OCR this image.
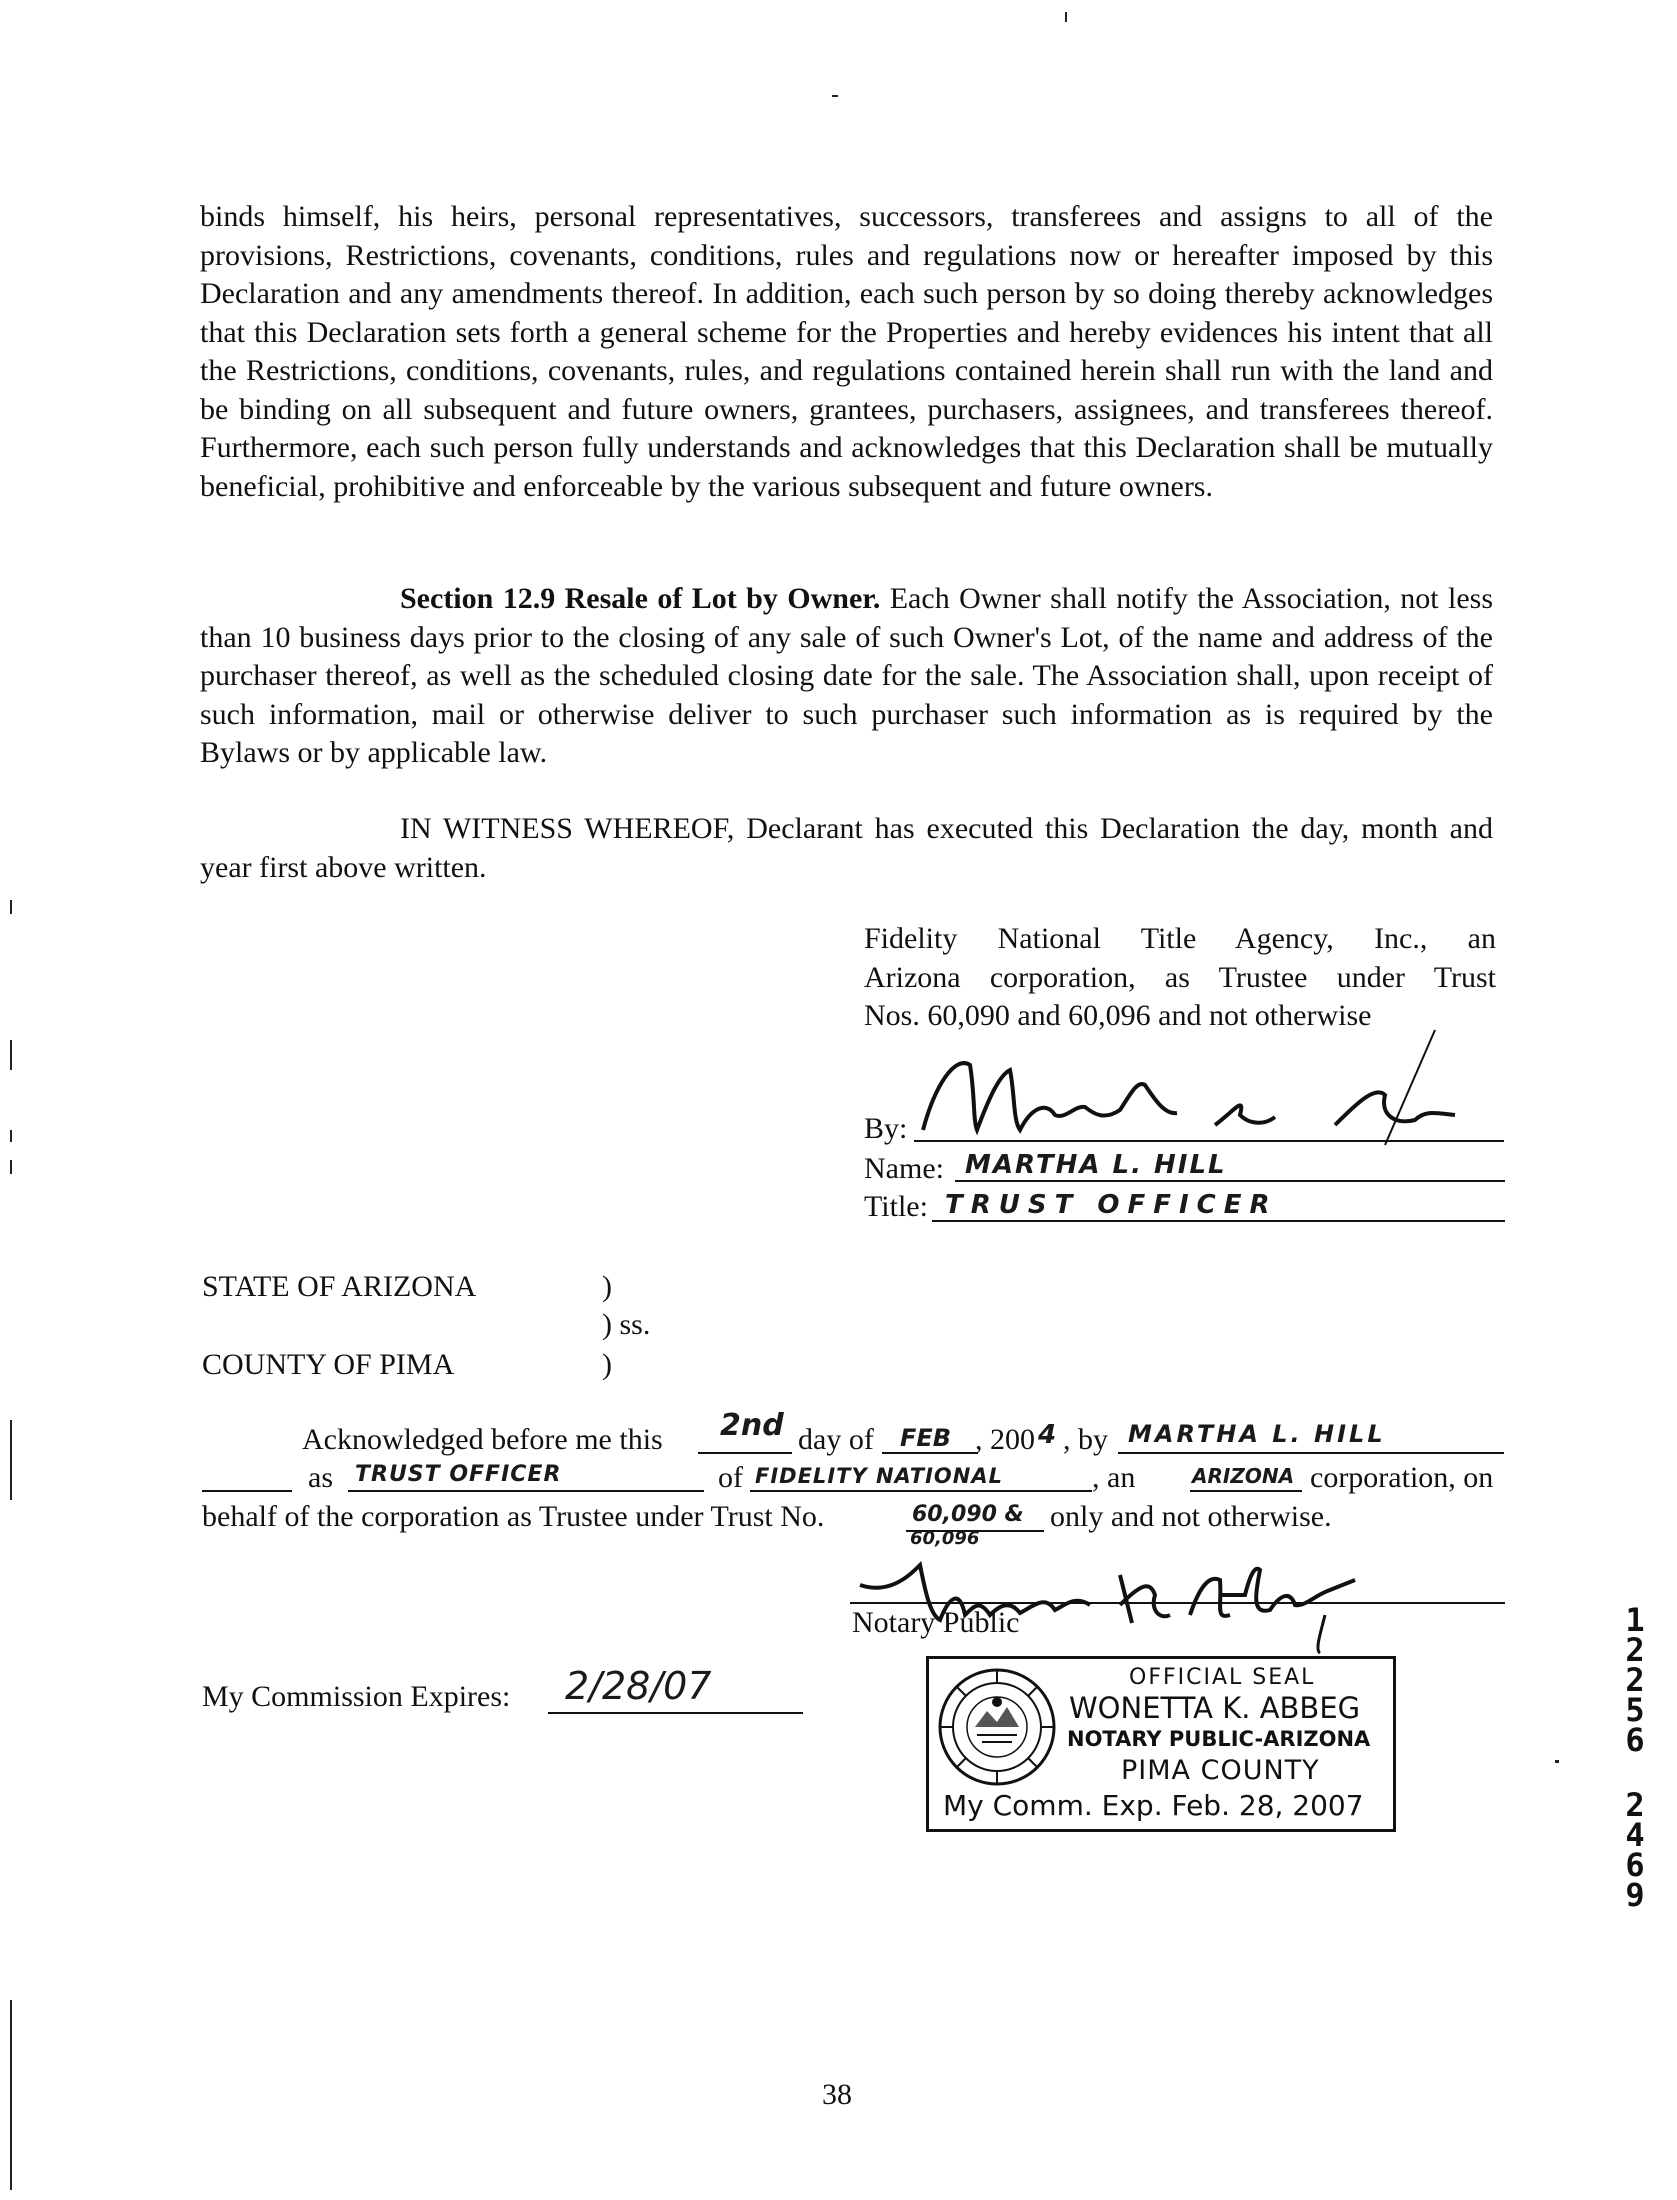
binds himself, his heirs, personal representatives, successors, transferees and assigns to all of the provisions, Restrictions, covenants, conditions, rules and regulations now or hereafter imposed by this Declaration and any amendments thereof. In addition, each such person by so doing thereby acknowledges that this Declaration sets forth a general scheme for the Properties and hereby evidences his intent that all the Restrictions, conditions, covenants, rules, and regulations contained herein shall run with the land and be binding on all subsequent and future owners, grantees, purchasers, assignees, and transferees thereof. Furthermore, each such person fully understands and acknowledges that this Declaration shall be mutually beneficial, prohibitive and enforceable by the various subsequent and future owners.
Section 12.9 Resale of Lot by Owner. Each Owner shall notify the Association, not less than 10 business days prior to the closing of any sale of such Owner's Lot, of the name and address of the purchaser thereof, as well as the scheduled closing date for the sale. The Association shall, upon receipt of such information, mail or otherwise deliver to such purchaser such information as is required by the Bylaws or by applicable law.
IN WITNESS WHEREOF, Declarant has executed this Declaration the day, month and year first above written.
Fidelity National Title Agency, Inc., an
Arizona corporation, as Trustee under Trust
Nos. 60,090 and 60,096 and not otherwise
By:
Name: MARTHA L. HILL
Title: TRUST OFFICER
STATE OF ARIZONA	)
) ss.
COUNTY OF PIMA	)
Acknowledged before me this 2nd day of FEB , 200 4 , by MARTHA L. HILL
as TRUST OFFICER	of FIDELITY NATIONAL	, an	ARIZONA corporation, on
behalf of the corporation as Trustee under Trust No.	60,090 &
60,096
only and not otherwise.
Notary Public
My Commission Expires: 2/28/07	OFFICIAL SEAL
WONETTA K. ABBEG
NOTARY PUBLIC-ARIZONA
PIMA COUNTY
My Comm. Exp. Feb. 28, 2007
1
2
2
5
6
2
4
6
9
38
